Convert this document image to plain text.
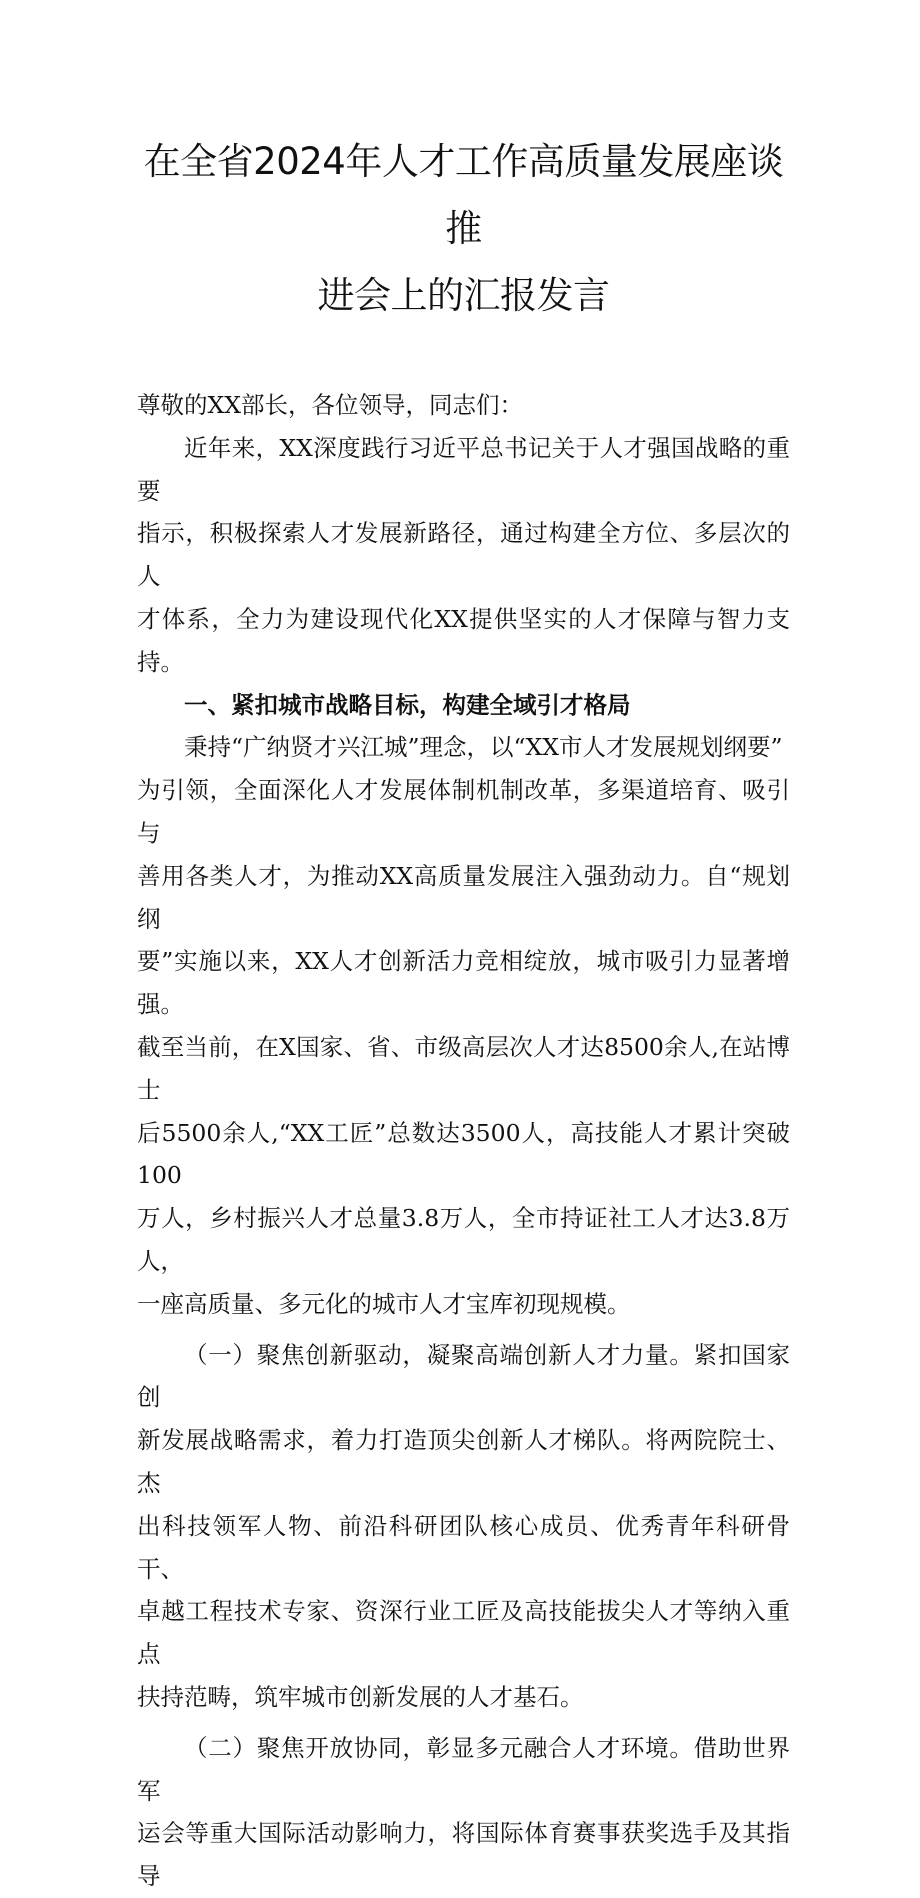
在全省2024年人才工作高质量发展座谈推
进会上的汇报发言

尊敬的XX部长，各位领导，同志们：

近年来，XX深度践行习近平总书记关于人才强国战略的重要
指示，积极探索人才发展新路径，通过构建全方位、多层次的人
才体系，全力为建设现代化XX提供坚实的人才保障与智力支持。

一、紧扣城市战略目标，构建全域引才格局

秉持“广纳贤才兴江城”理念，以“XX市人才发展规划纲要”
为引领，全面深化人才发展体制机制改革，多渠道培育、吸引与
善用各类人才，为推动XX高质量发展注入强劲动力。自“规划纲
要”实施以来，XX人才创新活力竞相绽放，城市吸引力显著增强。
截至当前，在X国家、省、市级高层次人才达8500余人,在站博士
后5500余人,“XX工匠”总数达3500人，高技能人才累计突破100
万人，乡村振兴人才总量3.8万人，全市持证社工人才达3.8万人，
一座高质量、多元化的城市人才宝库初现规模。

（一）聚焦创新驱动，凝聚高端创新人才力量。紧扣国家创
新发展战略需求，着力打造顶尖创新人才梯队。将两院院士、杰
出科技领军人物、前沿科研团队核心成员、优秀青年科研骨干、
卓越工程技术专家、资深行业工匠及高技能拔尖人才等纳入重点
扶持范畴，筑牢城市创新发展的人才基石。

（二）聚焦开放协同，彰显多元融合人才环境。借助世界军
运会等重大国际活动影响力，将国际体育赛事获奖选手及其指导
